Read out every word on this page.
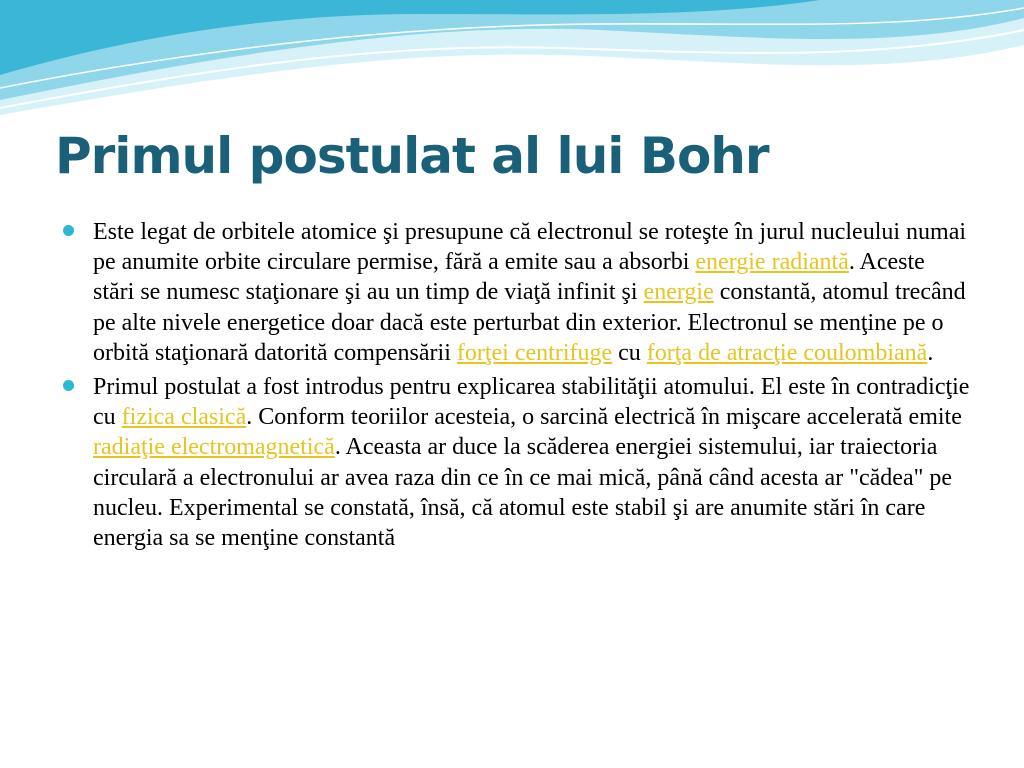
Primul postulat al lui Bohr
Este legat de orbitele atomice şi presupune că electronul se roteşte în jurul nucleului numai pe anumite orbite circulare permise, fără a emite sau a absorbi energie radiantă. Aceste stări se numesc staţionare şi au un timp de viaţă infinit şi energie constantă, atomul trecând pe alte nivele energetice doar dacă este perturbat din exterior. Electronul se menţine pe o orbită staţionară datorită compensării forţei centrifuge cu forţa de atracţie coulombiană.
Primul postulat a fost introdus pentru explicarea stabilităţii atomului. El este în contradicţie cu fizica clasică. Conform teoriilor acesteia, o sarcină electrică în mişcare accelerată emite radiaţie electromagnetică. Aceasta ar duce la scăderea energiei sistemului, iar traiectoria circulară a electronului ar avea raza din ce în ce mai mică, până când acesta ar "cădea" pe nucleu. Experimental se constată, însă, că atomul este stabil şi are anumite stări în care energia sa se menţine constantă
